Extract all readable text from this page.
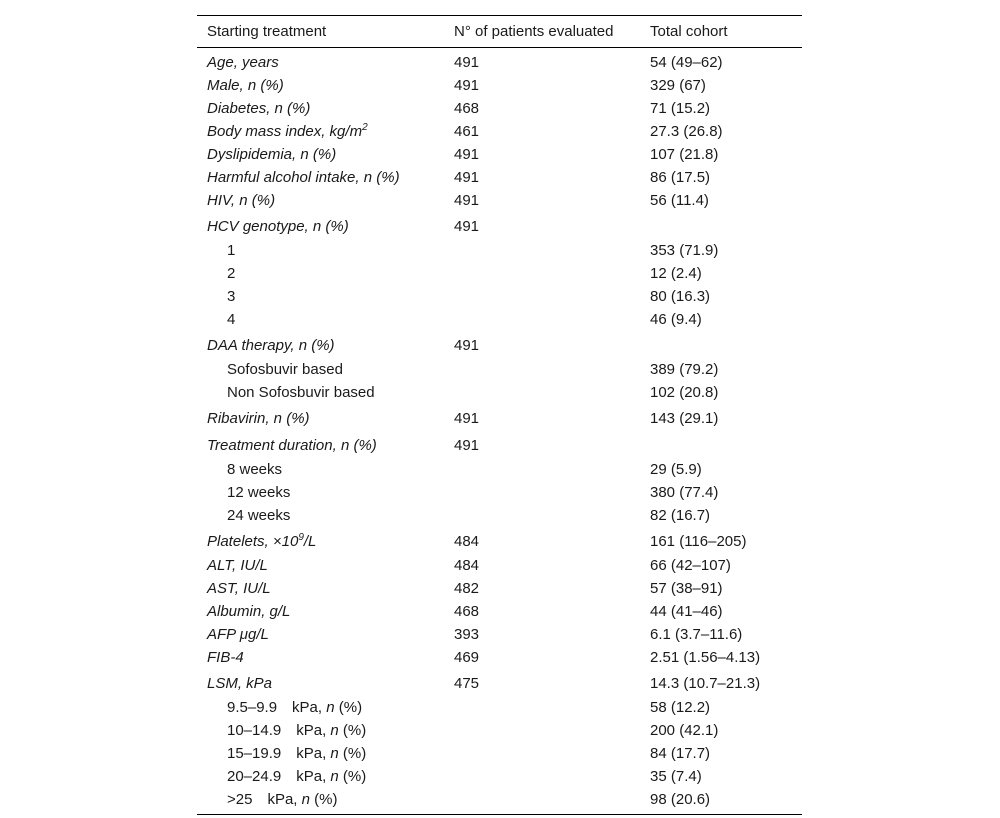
Starting treatment	N° of patients evaluated	Total cohort
Age, years	491	54 (49–62)
Male, n (%)	491	329 (67)
Diabetes, n (%)	468	71 (15.2)
Body mass index, $kg/m^2$	461	27.3 (26.8)
Dyslipidemia, n (%)	491	107 (21.8)
Harmful alcohol intake, n (%)	491	86 (17.5)
HIV, n (%)	491	56 (11.4)
HCV genotype, n (%)	491	
1		353 (71.9)
2		12 (2.4)
3		80 (16.3)
4		46 (9.4)
DAA therapy, n (%)	491	
Sofosbuvir based		389 (79.2)
Non Sofosbuvir based		102 (20.8)
Ribavirin, n (%)	491	143 (29.1)
Treatment duration, n (%)	491	
8 weeks		29 (5.9)
12 weeks		380 (77.4)
24 weeks		82 (16.7)
Platelets, $\times 10^9/L$	484	161 (116–205)
ALT, IU/L	484	66 (42–107)
AST, IU/L	482	57 (38–91)
Albumin, g/L	468	44 (41–46)
AFP μg/L	393	6.1 (3.7–11.6)
FIB-4	469	2.51 (1.56–4.13)
LSM, kPa	475	14.3 (10.7–21.3)
9.5–9.9 kPa, n (%)		58 (12.2)
10–14.9 kPa, n (%)		200 (42.1)
15–19.9 kPa, n (%)		84 (17.7)
20–24.9 kPa, n (%)		35 (7.4)
>25 kPa, n (%)		98 (20.6)
